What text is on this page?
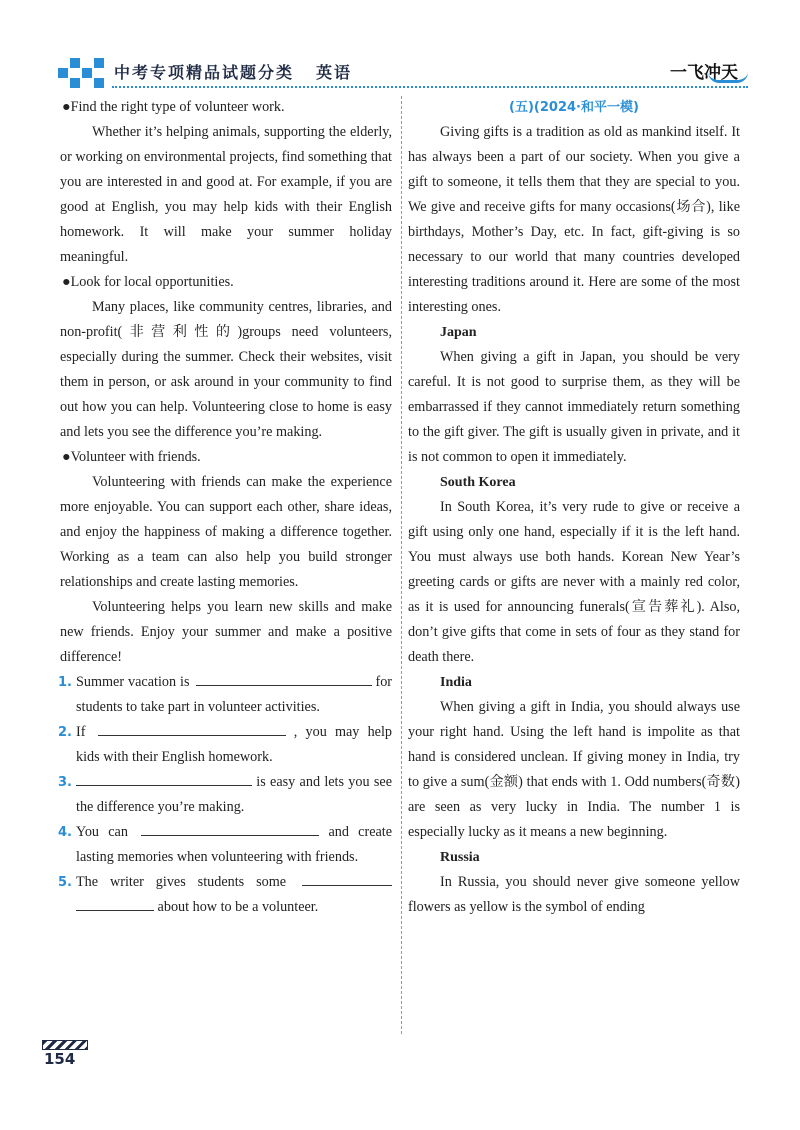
中考专项精品试题分类 英语	一飞冲天

●Find the right type of volunteer work.

Whether it’s helping animals, supporting the elderly, or working on environmental projects, find something that you are interested in and good at. For example, if you are good at English, you may help kids with their English homework. It will make your summer holiday meaningful.

●Look for local opportunities.

Many places, like community centres, libraries, and non-profit(非营利性的)groups need volunteers, especially during the summer. Check their websites, visit them in person, or ask around in your community to find out how you can help. Volunteering close to home is easy and lets you see the difference you’re making.

●Volunteer with friends.

Volunteering with friends can make the experience more enjoyable. You can support each other, share ideas, and enjoy the happiness of making a difference together. Working as a team can also help you build stronger relationships and create lasting memories.

Volunteering helps you learn new skills and make new friends. Enjoy your summer and make a positive difference!

1. Summer vacation is	for students to take part in volunteer activities.

2. If	, you may help kids with their English homework.

3.	is easy and lets you see the difference you’re making.

4. You can	and create lasting memories when volunteering with friends.

5. The writer gives students some   about how to be a volunteer.

(五)(2024·和平一模)

Giving gifts is a tradition as old as mankind itself. It has always been a part of our society. When you give a gift to someone, it tells them that they are special to you. We give and receive gifts for many occasions(场合), like birthdays, Mother’s Day, etc. In fact, gift-giving is so necessary to our world that many countries developed interesting traditions around it. Here are some of the most interesting ones.

Japan

When giving a gift in Japan, you should be very careful. It is not good to surprise them, as they will be embarrassed if they cannot immediately return something to the gift giver. The gift is usually given in private, and it is not common to open it immediately.

South Korea

In South Korea, it’s very rude to give or receive a gift using only one hand, especially if it is the left hand. You must always use both hands. Korean New Year’s greeting cards or gifts are never with a mainly red color, as it is used for announcing funerals(宣告葬礼). Also, don’t give gifts that come in sets of four as they stand for death there.

India

When giving a gift in India, you should always use your right hand. Using the left hand is impolite as that hand is considered unclean. If giving money in India, try to give a sum(金额) that ends with 1. Odd numbers(奇数) are seen as very lucky in India. The number 1 is especially lucky as it means a new beginning.

Russia

In Russia, you should never give someone yellow flowers as yellow is the symbol of ending

154
